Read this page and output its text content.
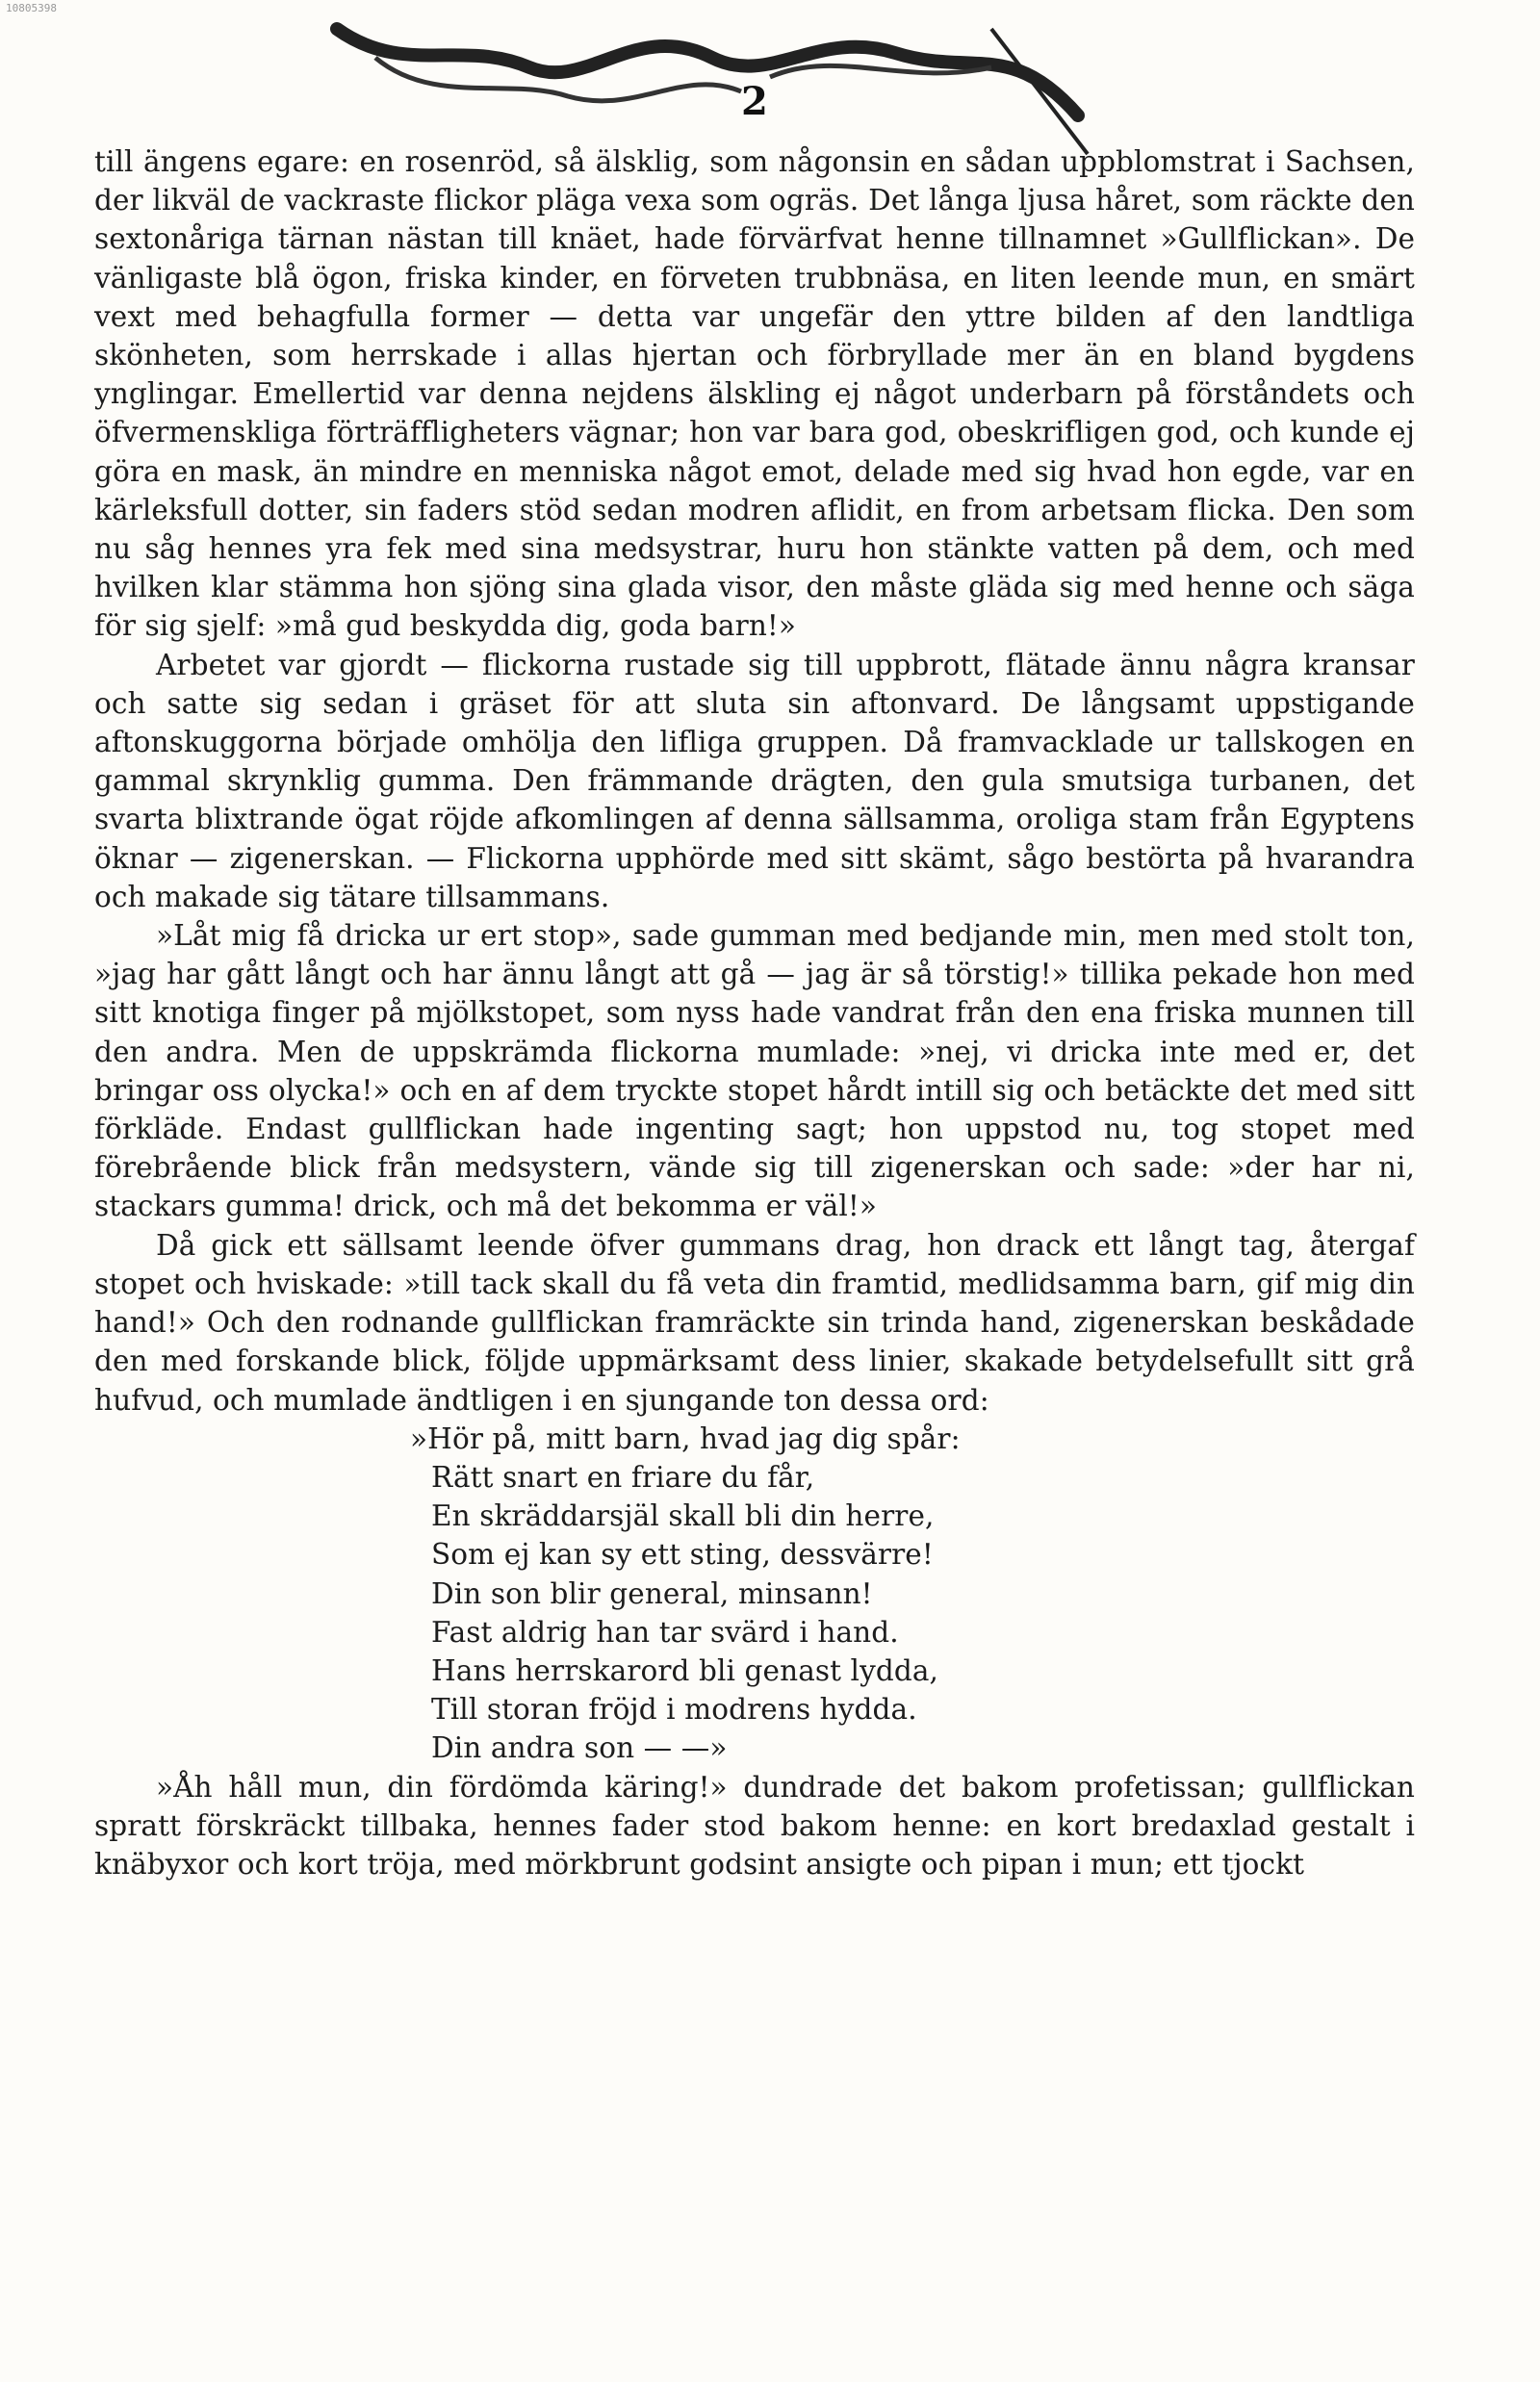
10805398
2

till ängens egare: en rosenröd, så älsklig, som någonsin en sådan uppblomstrat i Sachsen, der likväl de vackraste flickor pläga vexa som ogräs. Det långa ljusa håret, som räckte den sextonåriga tärnan nästan till knäet, hade förvärfvat henne tillnamnet »Gullflickan». De vänligaste blå ögon, friska kinder, en förveten trubbnäsa, en liten leende mun, en smärt vext med behagfulla former — detta var ungefär den yttre bilden af den landtliga skönheten, som herrskade i allas hjertan och förbryllade mer än en bland bygdens ynglingar. Emellertid var denna nejdens älskling ej något underbarn på förståndets och öfvermenskliga förträffligheters vägnar; hon var bara god, obeskrifligen god, och kunde ej göra en mask, än mindre en menniska något emot, delade med sig hvad hon egde, var en kärleksfull dotter, sin faders stöd sedan modren aflidit, en from arbetsam flicka. Den som nu såg hennes yra fek med sina medsystrar, huru hon stänkte vatten på dem, och med hvilken klar stämma hon sjöng sina glada visor, den måste gläda sig med henne och säga för sig sjelf: »må gud beskydda dig, goda barn!»

Arbetet var gjordt — flickorna rustade sig till uppbrott, flätade ännu några kransar och satte sig sedan i gräset för att sluta sin aftonvard. De långsamt uppstigande aftonskuggorna började omhölja den lifliga gruppen. Då framvacklade ur tallskogen en gammal skrynklig gumma. Den främmande drägten, den gula smutsiga turbanen, det svarta blixtrande ögat röjde afkomlingen af denna sällsamma, oroliga stam från Egyptens öknar — zigenerskan. — Flickorna upphörde med sitt skämt, sågo bestörta på hvarandra och makade sig tätare tillsammans.

»Låt mig få dricka ur ert stop», sade gumman med bedjande min, men med stolt ton, »jag har gått långt och har ännu långt att gå — jag är så törstig!» tillika pekade hon med sitt knotiga finger på mjölkstopet, som nyss hade vandrat från den ena friska munnen till den andra. Men de uppskrämda flickorna mumlade: »nej, vi dricka inte med er, det bringar oss olycka!» och en af dem tryckte stopet hårdt intill sig och betäckte det med sitt förkläde. Endast gullflickan hade ingenting sagt; hon uppstod nu, tog stopet med förebrående blick från medsystern, vände sig till zigenerskan och sade: »der har ni, stackars gumma! drick, och må det bekomma er väl!»

Då gick ett sällsamt leende öfver gummans drag, hon drack ett långt tag, återgaf stopet och hviskade: »till tack skall du få veta din framtid, medlidsamma barn, gif mig din hand!» Och den rodnande gullflickan framräckte sin trinda hand, zigenerskan beskådade den med forskande blick, följde uppmärksamt dess linier, skakade betydelsefullt sitt grå hufvud, och mumlade ändtligen i en sjungande ton dessa ord:

»Hör på, mitt barn, hvad jag dig spår:
Rätt snart en friare du får,
En skräddarsjäl skall bli din herre,
Som ej kan sy ett sting, dessvärre!
Din son blir general, minsann!
Fast aldrig han tar svärd i hand.
Hans herrskarord bli genast lydda,
Till storan fröjd i modrens hydda.
Din andra son — —»

»Åh håll mun, din fördömda käring!» dundrade det bakom profetissan; gullflickan spratt förskräckt tillbaka, hennes fader stod bakom henne: en kort bredaxlad gestalt i knäbyxor och kort tröja, med mörkbrunt godsint ansigte och pipan i mun; ett tjockt
